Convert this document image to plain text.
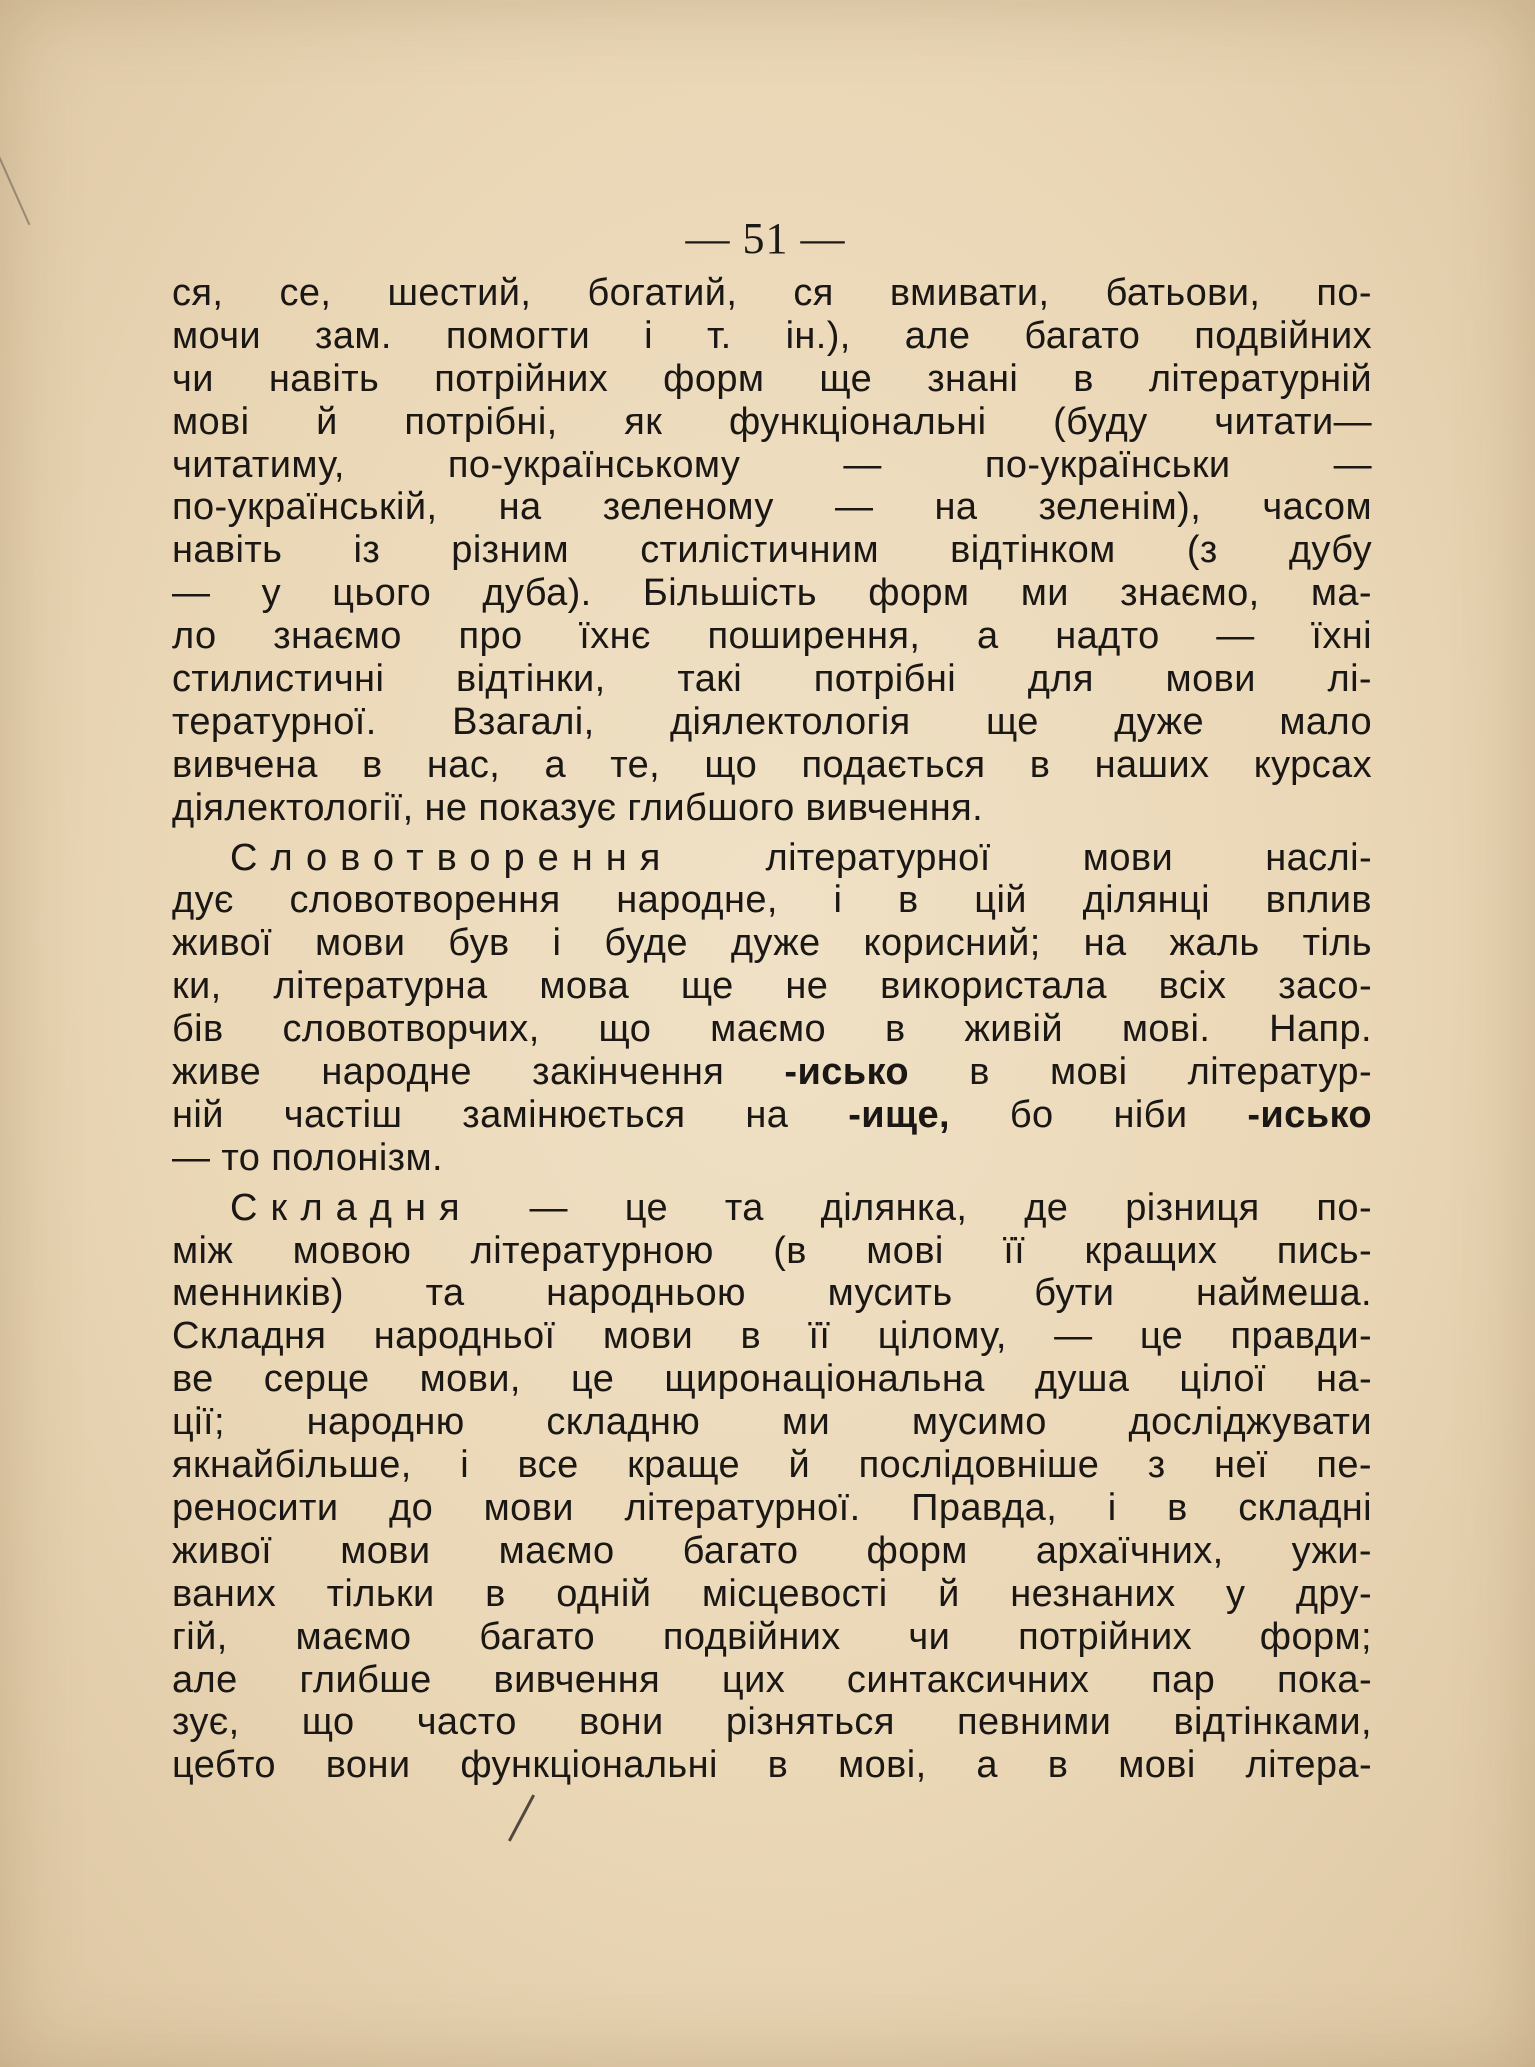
— 51 —
ся, се, шестий, богатий, ся вмивати, батьови, по-
мочи зам. помогти і т. ін.), але багато подвійних
чи навіть потрійних форм ще знані в літературній
мові й потрібні, як функціональні (буду читати—
читатиму, по-українському — по-українськи —
по-українській, на зеленому — на зеленім), часом
навіть із різним стилістичним відтінком (з дубу
— у цього дуба). Більшість форм ми знаємо, ма-
ло знаємо про їхнє поширення, а надто — їхні
стилистичні відтінки, такі потрібні для мови лі-
тературної. Взагалі, діялектологія ще дуже мало
вивчена в нас, а те, що подається в наших курсах
діялектології, не показує глибшого вивчення.
Словотворення літературної мови наслі-
дує словотворення народне, і в цій ділянці вплив
живої мови був і буде дуже корисний; на жаль тіль
ки, літературна мова ще не використала всіх засо-
бів словотворчих, що маємо в живій мові. Напр.
живе народне закінчення -исько в мові літератур-
ній частіш замінюється на -ище, бо ніби -исько
— то полонізм.
Складня — це та ділянка, де різниця по-
між мовою літературною (в мові її кращих пись-
менників) та народньою мусить бути наймеша.
Складня народньої мови в її цілому, — це правди-
ве серце мови, це щиронаціональна душа цілої на-
ції; народню складню ми мусимо досліджувати
якнайбільше, і все краще й послідовніше з неї пе-
реносити до мови літературної. Правда, і в складні
живої мови маємо багато форм архаїчних, ужи-
ваних тільки в одній місцевості й незнаних у дру-
гій, маємо багато подвійних чи потрійних форм;
але глибше вивчення цих синтаксичних пар пока-
зує, що часто вони різняться певними відтінками,
цебто вони функціональні в мові, а в мові літера-
